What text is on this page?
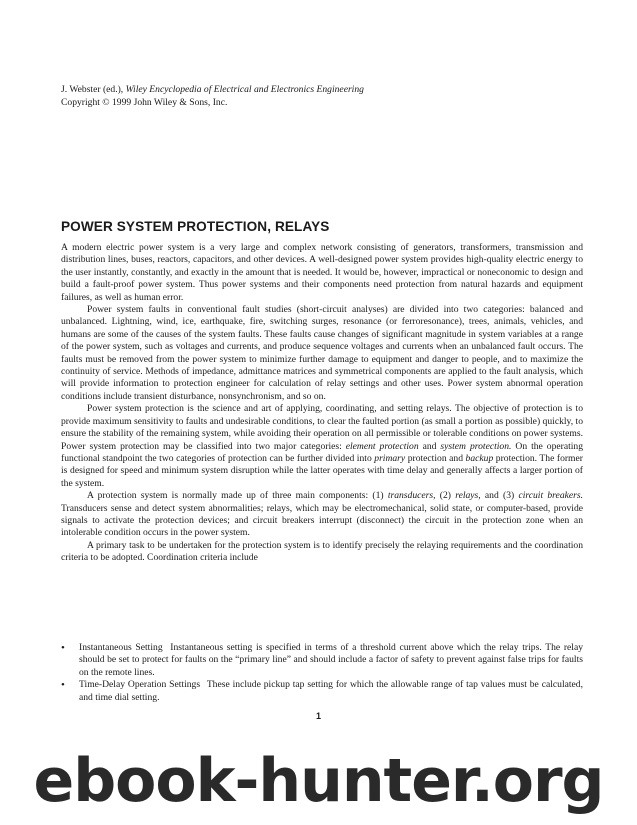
J. Webster (ed.), Wiley Encyclopedia of Electrical and Electronics Engineering
Copyright © 1999 John Wiley & Sons, Inc.
POWER SYSTEM PROTECTION, RELAYS

A modern electric power system is a very large and complex network consisting of generators, transformers, transmission and distribution lines, buses, reactors, capacitors, and other devices. A well-designed power system provides high-quality electric energy to the user instantly, constantly, and exactly in the amount that is needed. It would be, however, impractical or noneconomic to design and build a fault-proof power system. Thus power systems and their components need protection from natural hazards and equipment failures, as well as human error.

Power system faults in conventional fault studies (short-circuit analyses) are divided into two categories: balanced and unbalanced. Lightning, wind, ice, earthquake, fire, switching surges, resonance (or ferroresonance), trees, animals, vehicles, and humans are some of the causes of the system faults. These faults cause changes of significant magnitude in system variables at a range of the power system, such as voltages and currents, and produce sequence voltages and currents when an unbalanced fault occurs. The faults must be removed from the power system to minimize further damage to equipment and danger to people, and to maximize the continuity of service. Methods of impedance, admittance matrices and symmetrical components are applied to the fault analysis, which will provide information to protection engineer for calculation of relay settings and other uses. Power system abnormal operation conditions include transient disturbance, nonsynchronism, and so on.

Power system protection is the science and art of applying, coordinating, and setting relays. The objective of protection is to provide maximum sensitivity to faults and undesirable conditions, to clear the faulted portion (as small a portion as possible) quickly, to ensure the stability of the remaining system, while avoiding their operation on all permissible or tolerable conditions on power systems. Power system protection may be classified into two major categories: element protection and system protection. On the operating functional standpoint the two categories of protection can be further divided into primary protection and backup protection. The former is designed for speed and minimum system disruption while the latter operates with time delay and generally affects a larger portion of the system.

A protection system is normally made up of three main components: (1) transducers, (2) relays, and (3) circuit breakers. Transducers sense and detect system abnormalities; relays, which may be electromechanical, solid state, or computer-based, provide signals to activate the protection devices; and circuit breakers interrupt (disconnect) the circuit in the protection zone when an intolerable condition occurs in the power system.

A primary task to be undertaken for the protection system is to identify precisely the relaying requirements and the coordination criteria to be adopted. Coordination criteria include

• Instantaneous Setting Instantaneous setting is specified in terms of a threshold current above which the relay trips. The relay should be set to protect for faults on the “primary line” and should include a factor of safety to prevent against false trips for faults on the remote lines.
• Time-Delay Operation Settings These include pickup tap setting for which the allowable range of tap values must be calculated, and time dial setting.
1
ebook-hunter.org
